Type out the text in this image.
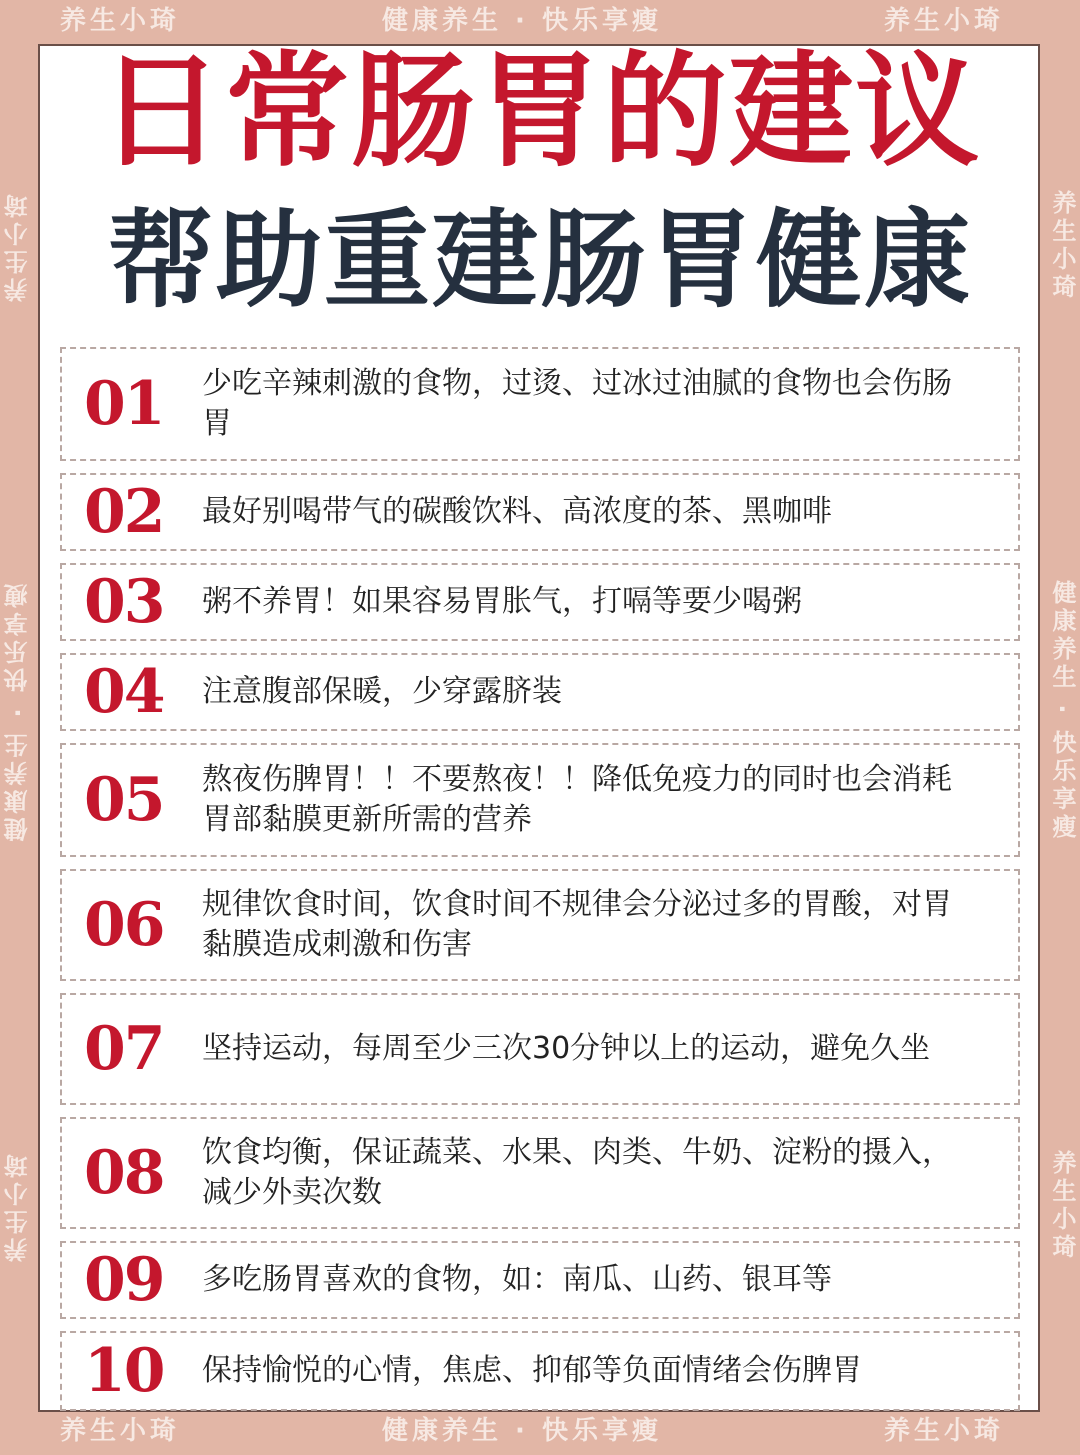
养生小琦	健康养生 · 快乐享瘦	养生小琦
养生小琦	健康养生 · 快乐享瘦	养生小琦
养生小琦
健康养生 · 快乐享瘦
养生小琦
养生小琦
健康养生 · 快乐享瘦
养生小琦
日常肠胃的建议
帮助重建肠胃健康
01	少吃辛辣刺激的食物，过烫、过冰过油腻的食物也会伤肠胃
02	最好别喝带气的碳酸饮料、高浓度的茶、黑咖啡
03	粥不养胃！如果容易胃胀气，打嗝等要少喝粥
04	注意腹部保暖，少穿露脐装
05	熬夜伤脾胃！！不要熬夜！！降低免疫力的同时也会消耗胃部黏膜更新所需的营养
06	规律饮食时间，饮食时间不规律会分泌过多的胃酸，对胃黏膜造成刺激和伤害
07	坚持运动，每周至少三次30分钟以上的运动，避免久坐
08	饮食均衡，保证蔬菜、水果、肉类、牛奶、淀粉的摄入，减少外卖次数
09	多吃肠胃喜欢的食物，如：南瓜、山药、银耳等
10	保持愉悦的心情，焦虑、抑郁等负面情绪会伤脾胃
